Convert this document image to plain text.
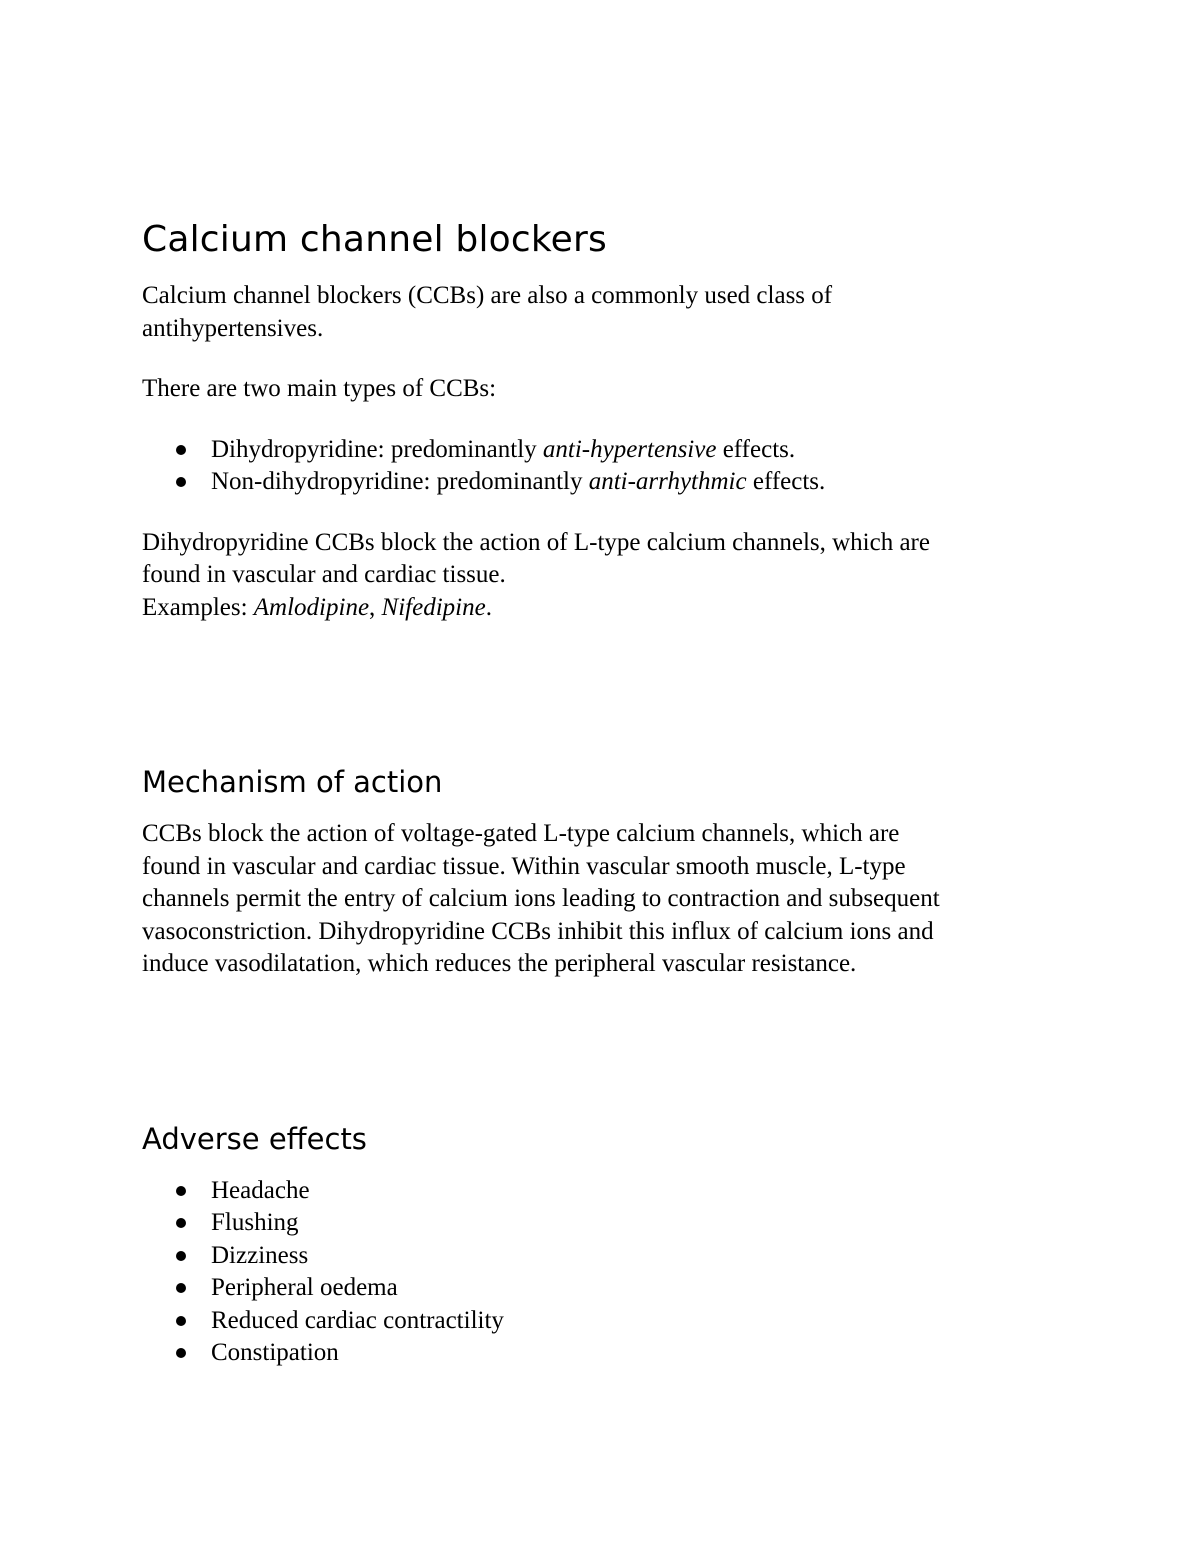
Calcium channel blockers
Calcium channel blockers (CCBs) are also a commonly used class of
antihypertensives.
There are two main types of CCBs:
Dihydropyridine: predominantly anti-hypertensive effects.
Non-dihydropyridine: predominantly anti-arrhythmic effects.
Dihydropyridine CCBs block the action of L-type calcium channels, which are
found in vascular and cardiac tissue.
Examples: Amlodipine, Nifedipine.
Mechanism of action
CCBs block the action of voltage-gated L-type calcium channels, which are
found in vascular and cardiac tissue. Within vascular smooth muscle, L-type
channels permit the entry of calcium ions leading to contraction and subsequent
vasoconstriction. Dihydropyridine CCBs inhibit this influx of calcium ions and
induce vasodilatation, which reduces the peripheral vascular resistance.
Adverse effects
Headache
Flushing
Dizziness
Peripheral oedema
Reduced cardiac contractility
Constipation
